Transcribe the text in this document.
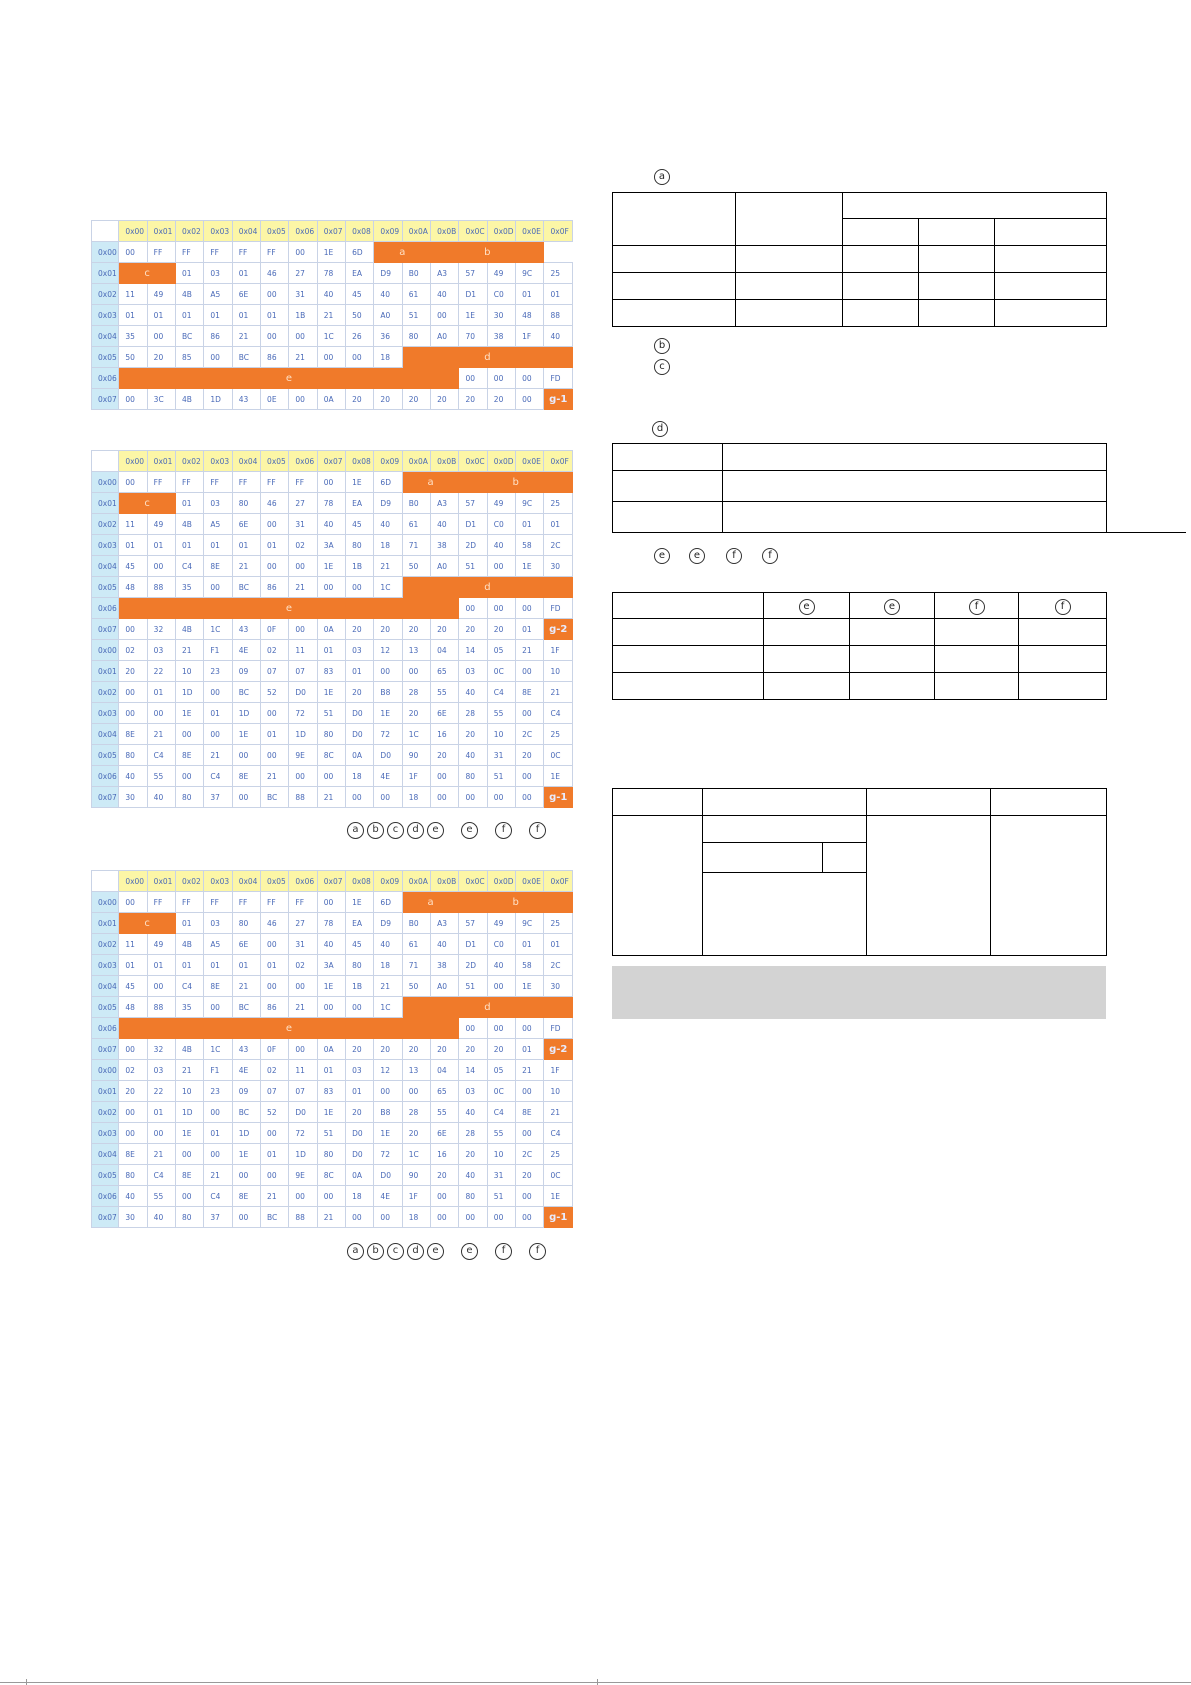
	0x00	0x01	0x02	0x03	0x04	0x05	0x06	0x07	0x08	0x09	0x0A	0x0B	0x0C	0x0D	0x0E	0x0F
0x00	00	FF	FF	FF	FF	FF	00	1E	6D	a		b				
0x01	c		01	03	01	46	27	78	EA	D9	B0	A3	57	49	9C	25
0x02	11	49	4B	A5	6E	00	31	40	45	40	61	40	D1	C0	01	01
0x03	01	01	01	01	01	01	1B	21	50	A0	51	00	1E	30	48	88
0x04	35	00	BC	86	21	00	00	1C	26	36	80	A0	70	38	1F	40
0x05	50	20	85	00	BC	86	21	00	00	18	d					
0x06	e												00	00	00	FD
0x07	00	3C	4B	1D	43	0E	00	0A	20	20	20	20	20	20	00	g-1
	0x00	0x01	0x02	0x03	0x04	0x05	0x06	0x07	0x08	0x09	0x0A	0x0B	0x0C	0x0D	0x0E	0x0F
0x00	00	FF	FF	FF	FF	FF	FF	00	1E	6D	a		b			
0x01	c		01	03	80	46	27	78	EA	D9	B0	A3	57	49	9C	25
0x02	11	49	4B	A5	6E	00	31	40	45	40	61	40	D1	C0	01	01
0x03	01	01	01	01	01	01	02	3A	80	18	71	38	2D	40	58	2C
0x04	45	00	C4	8E	21	00	00	1E	1B	21	50	A0	51	00	1E	30
0x05	48	88	35	00	BC	86	21	00	00	1C	d					
0x06	e												00	00	00	FD
0x07	00	32	4B	1C	43	0F	00	0A	20	20	20	20	20	20	01	g-2
0x00	02	03	21	F1	4E	02	11	01	03	12	13	04	14	05	21	1F
0x01	20	22	10	23	09	07	07	83	01	00	00	65	03	0C	00	10
0x02	00	01	1D	00	BC	52	D0	1E	20	B8	28	55	40	C4	8E	21
0x03	00	00	1E	01	1D	00	72	51	D0	1E	20	6E	28	55	00	C4
0x04	8E	21	00	00	1E	01	1D	80	D0	72	1C	16	20	10	2C	25
0x05	80	C4	8E	21	00	00	9E	8C	0A	D0	90	20	40	31	20	0C
0x06	40	55	00	C4	8E	21	00	00	18	4E	1F	00	80	51	00	1E
0x07	30	40	80	37	00	BC	88	21	00	00	18	00	00	00	00	g-1
a	b	c	d	e	e	f	f
	0x00	0x01	0x02	0x03	0x04	0x05	0x06	0x07	0x08	0x09	0x0A	0x0B	0x0C	0x0D	0x0E	0x0F
0x00	00	FF	FF	FF	FF	FF	FF	00	1E	6D	a		b			
0x01	c		01	03	80	46	27	78	EA	D9	B0	A3	57	49	9C	25
0x02	11	49	4B	A5	6E	00	31	40	45	40	61	40	D1	C0	01	01
0x03	01	01	01	01	01	01	02	3A	80	18	71	38	2D	40	58	2C
0x04	45	00	C4	8E	21	00	00	1E	1B	21	50	A0	51	00	1E	30
0x05	48	88	35	00	BC	86	21	00	00	1C	d					
0x06	e												00	00	00	FD
0x07	00	32	4B	1C	43	0F	00	0A	20	20	20	20	20	20	01	g-2
0x00	02	03	21	F1	4E	02	11	01	03	12	13	04	14	05	21	1F
0x01	20	22	10	23	09	07	07	83	01	00	00	65	03	0C	00	10
0x02	00	01	1D	00	BC	52	D0	1E	20	B8	28	55	40	C4	8E	21
0x03	00	00	1E	01	1D	00	72	51	D0	1E	20	6E	28	55	00	C4
0x04	8E	21	00	00	1E	01	1D	80	D0	72	1C	16	20	10	2C	25
0x05	80	C4	8E	21	00	00	9E	8C	0A	D0	90	20	40	31	20	0C
0x06	40	55	00	C4	8E	21	00	00	18	4E	1F	00	80	51	00	1E
0x07	30	40	80	37	00	BC	88	21	00	00	18	00	00	00	00	g-1
a	b	c	d	e	e	f	f
a

b
c
d

e	e	f	f
	e	e	f	f
